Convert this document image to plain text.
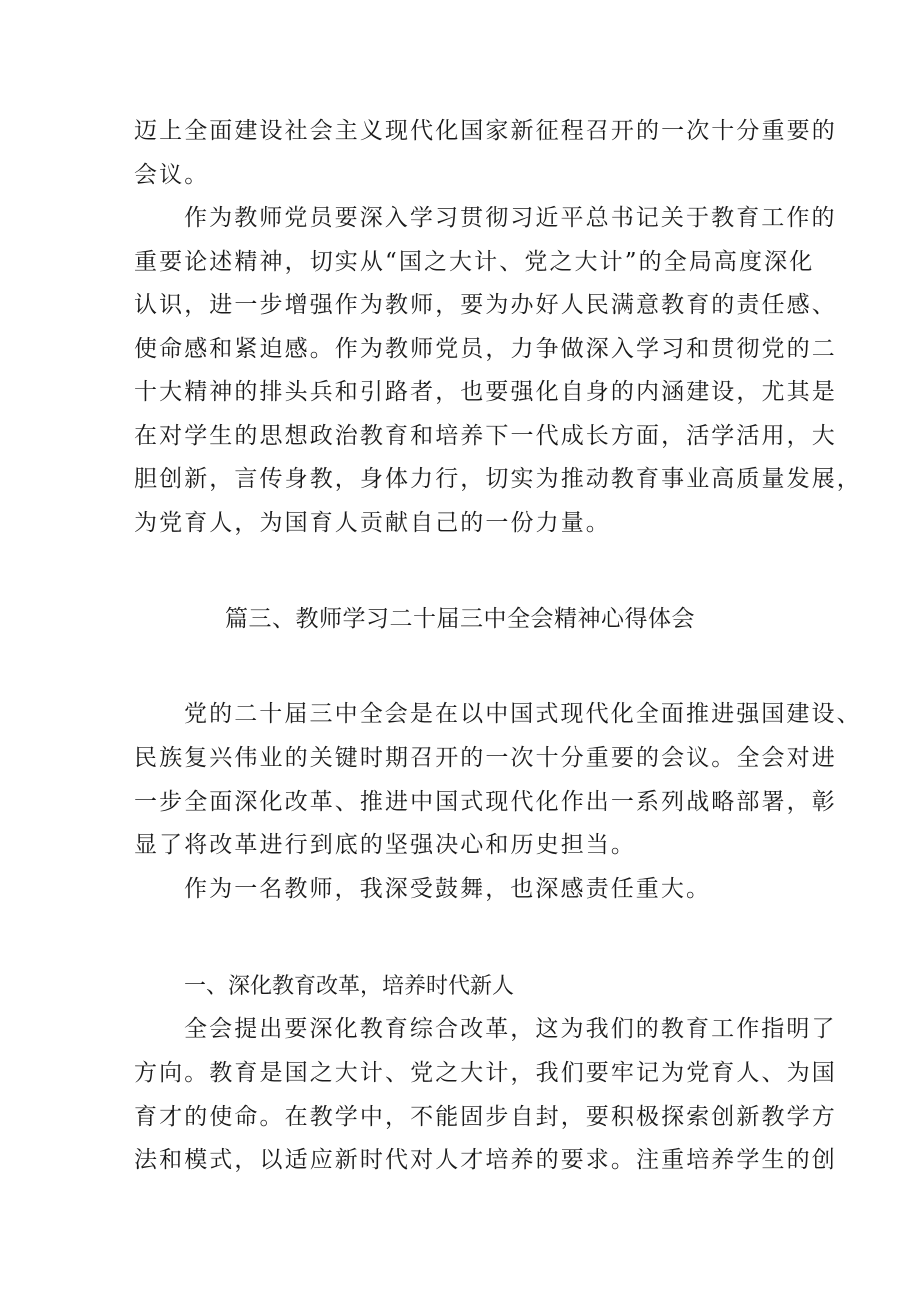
迈上全面建设社会主义现代化国家新征程召开的一次十分重要的
会议。
作为教师党员要深入学习贯彻习近平总书记关于教育工作的
重要论述精神，切实从“国之大计、党之大计”的全局高度深化
认识，进一步增强作为教师，要为办好人民满意教育的责任感、
使命感和紧迫感。作为教师党员，力争做深入学习和贯彻党的二
十大精神的排头兵和引路者，也要强化自身的内涵建设，尤其是
在对学生的思想政治教育和培养下一代成长方面，活学活用，大
胆创新，言传身教，身体力行，切实为推动教育事业高质量发展，
为党育人，为国育人贡献自己的一份力量。
篇三、教师学习二十届三中全会精神心得体会
党的二十届三中全会是在以中国式现代化全面推进强国建设、
民族复兴伟业的关键时期召开的一次十分重要的会议。全会对进
一步全面深化改革、推进中国式现代化作出一系列战略部署，彰
显了将改革进行到底的坚强决心和历史担当。
作为一名教师，我深受鼓舞，也深感责任重大。
一、深化教育改革，培养时代新人
全会提出要深化教育综合改革，这为我们的教育工作指明了
方向。教育是国之大计、党之大计，我们要牢记为党育人、为国
育才的使命。在教学中，不能固步自封，要积极探索创新教学方
法和模式，以适应新时代对人才培养的要求。注重培养学生的创
